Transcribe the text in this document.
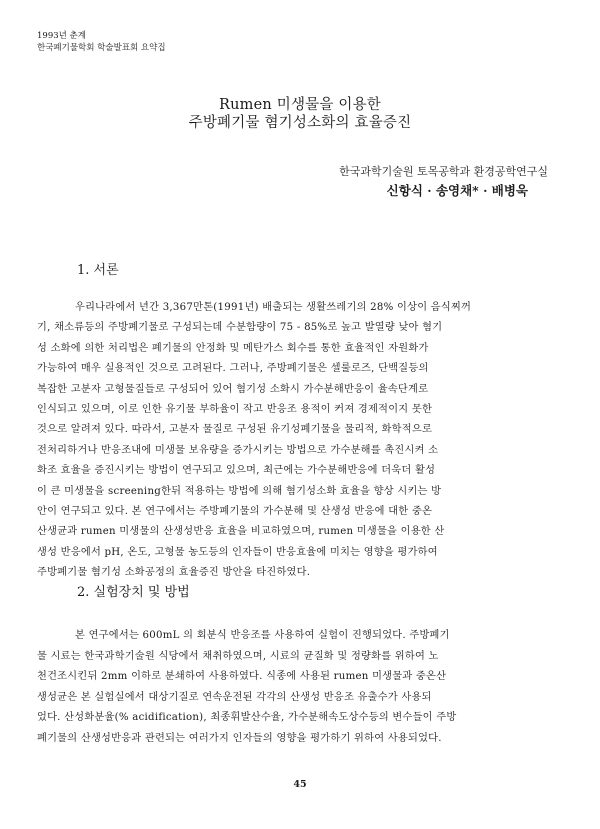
1993년 춘계
한국폐기물학회 학술발표회 요약집
Rumen 미생물을 이용한
주방폐기물 혐기성소화의 효율증진
한국과학기술원 토목공학과 환경공학연구실
신항식 · 송영채* · 배병욱
1. 서론
우리나라에서 년간 3,367만톤(1991년) 배출되는 생활쓰레기의 28% 이상이 음식찌꺼
기, 채소류등의 주방폐기물로 구성되는데 수분함량이 75 - 85%로 높고 발열량 낮아 혐기
성 소화에 의한 처리법은 폐기물의 안정화 및 메탄가스 회수를 통한 효율적인 자원화가
가능하여 매우 실용적인 것으로 고려된다. 그러나, 주방폐기물은 셀룰로즈, 단백질등의
복잡한 고분자 고형물질들로 구성되어 있어 혐기성 소화시 가수분해반응이 율속단계로
인식되고 있으며, 이로 인한 유기물 부하율이 작고 반응조 용적이 커져 경제적이지 못한
것으로 알려져 있다. 따라서, 고분자 물질로 구성된 유기성폐기물을 물리적, 화학적으로
전처리하거나 반응조내에 미생물 보유량을 증가시키는 방법으로 가수분해를 촉진시켜 소
화조 효율을 증진시키는 방법이 연구되고 있으며, 최근에는 가수분해반응에 더욱더 활성
이 큰 미생물을 screening한뒤 적용하는 방법에 의해 혐기성소화 효율을 향상 시키는 방
안이 연구되고 있다. 본 연구에서는 주방폐기물의 가수분해 및 산생성 반응에 대한 중온
산생균과 rumen 미생물의 산생성반응 효율을 비교하였으며, rumen 미생물을 이용한 산
생성 반응에서 pH, 온도, 고형물 농도등의 인자들이 반응효율에 미치는 영향을 평가하여
주방폐기물 혐기성 소화공정의 효율증진 방안을 타진하였다.
2. 실험장치 및 방법
본 연구에서는 600mL 의 회분식 반응조를 사용하여 실험이 진행되었다. 주방폐기
물 시료는 한국과학기술원 식당에서 채취하였으며, 시료의 균질화 및 정량화를 위하여 노
천건조시킨뒤 2mm 이하로 분쇄하여 사용하였다. 식종에 사용된 rumen 미생물과 중온산
생성균은 본 실험실에서 대상기질로 연속운전된 각각의 산생성 반응조 유출수가 사용되
었다. 산성화분율(% acidification), 최종휘발산수율, 가수분해속도상수등의 변수들이 주방
폐기물의 산생성반응과 관련되는 여러가지 인자들의 영향을 평가하기 위하여 사용되었다.
45
